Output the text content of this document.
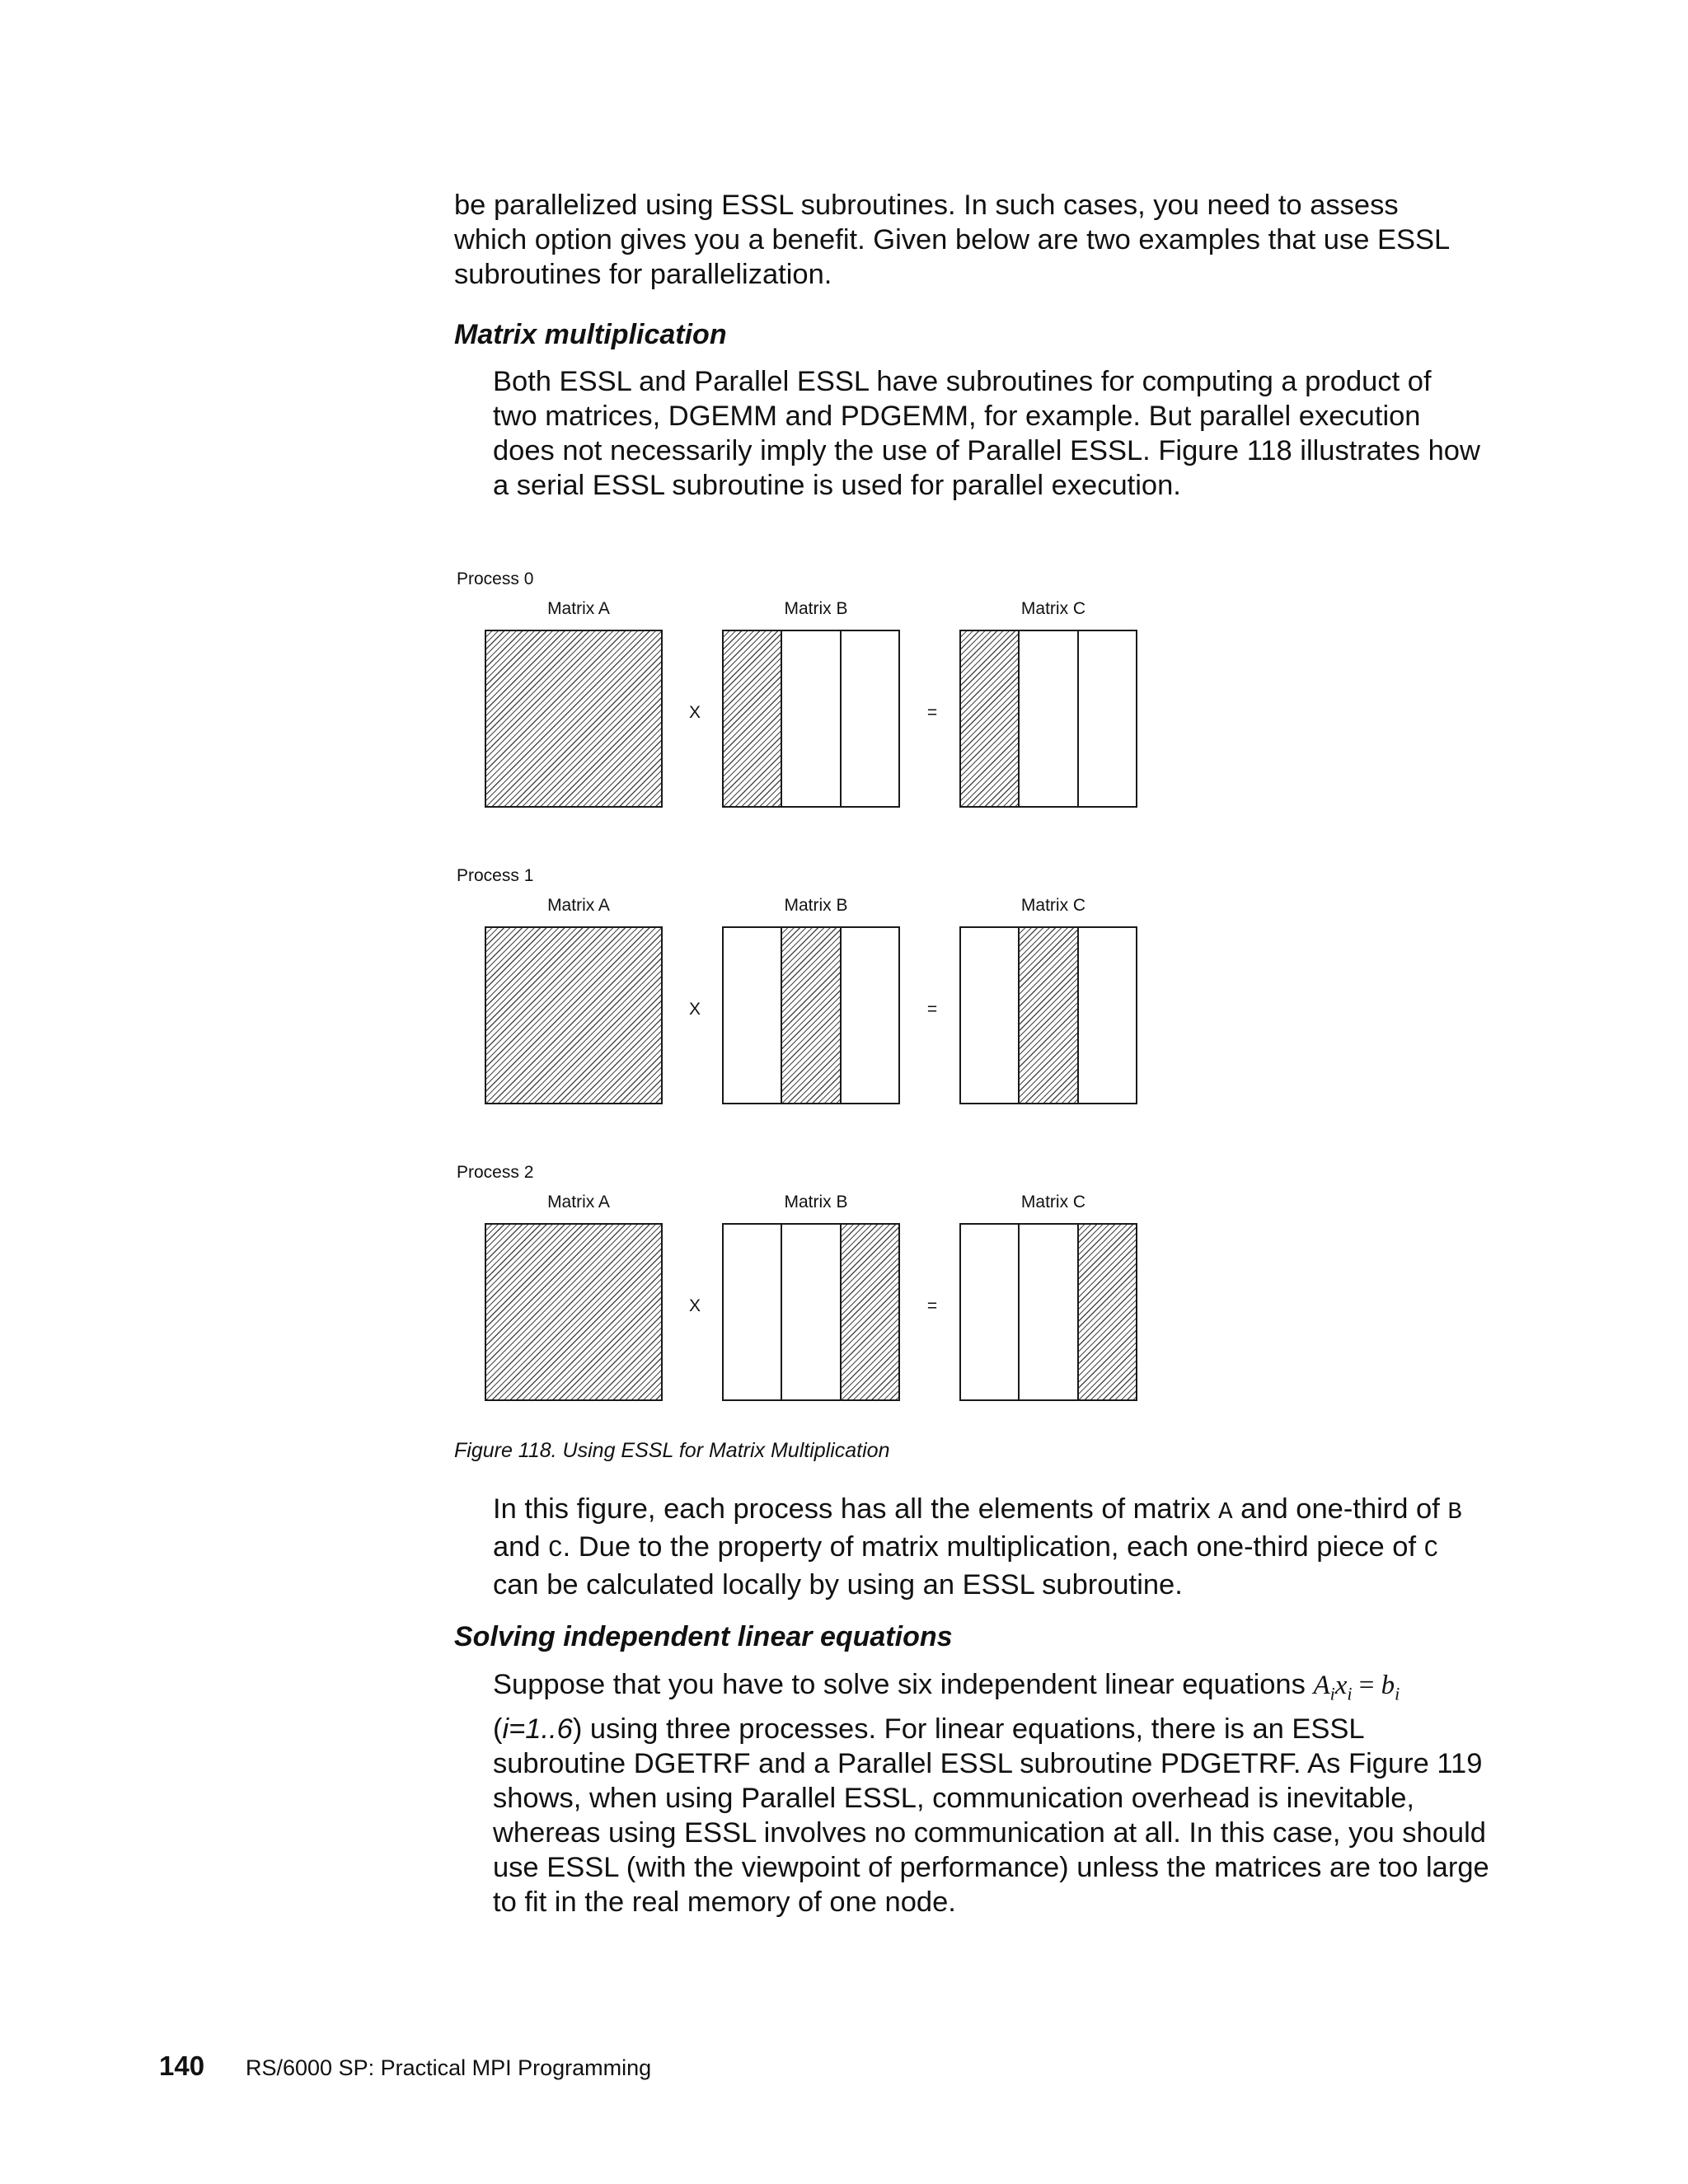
be parallelized using ESSL subroutines. In such cases, you need to assess which option gives you a benefit. Given below are two examples that use ESSL subroutines for parallelization.

Matrix multiplication

Both ESSL and Parallel ESSL have subroutines for computing a product of two matrices, DGEMM and PDGEMM, for example. But parallel execution does not necessarily imply the use of Parallel ESSL. Figure 118 illustrates how a serial ESSL subroutine is used for parallel execution.

Process 0
Matrix A	Matrix B	Matrix C
X	=
Process 1
Matrix A	Matrix B	Matrix C
X	=
Process 2
Matrix A	Matrix B	Matrix C
X	=

Figure 118. Using ESSL for Matrix Multiplication

In this figure, each process has all the elements of matrix A and one-third of B and C. Due to the property of matrix multiplication, each one-third piece of C can be calculated locally by using an ESSL subroutine.

Solving independent linear equations

Suppose that you have to solve six independent linear equations $A_ix_i = b_i$ (i=1..6) using three processes. For linear equations, there is an ESSL subroutine DGETRF and a Parallel ESSL subroutine PDGETRF. As Figure 119 shows, when using Parallel ESSL, communication overhead is inevitable, whereas using ESSL involves no communication at all. In this case, you should use ESSL (with the viewpoint of performance) unless the matrices are too large to fit in the real memory of one node.

140 RS/6000 SP: Practical MPI Programming
